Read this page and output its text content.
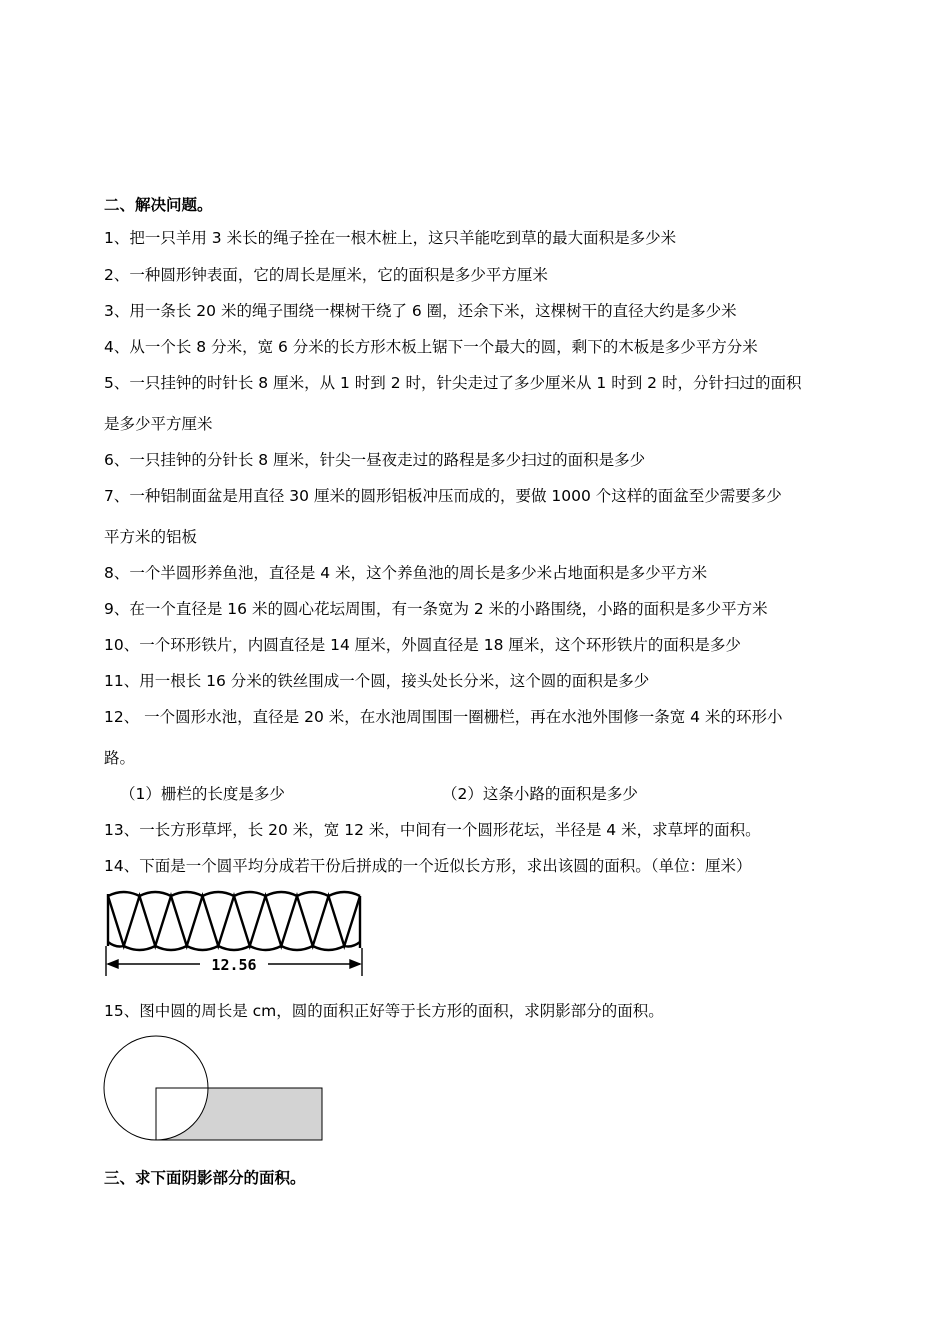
二、解决问题。
1、把一只羊用 3 米长的绳子拴在一根木桩上，这只羊能吃到草的最大面积是多少米
2、一种圆形钟表面，它的周长是厘米，它的面积是多少平方厘米
3、用一条长 20 米的绳子围绕一棵树干绕了 6 圈，还余下米，这棵树干的直径大约是多少米
4、从一个长 8 分米，宽 6 分米的长方形木板上锯下一个最大的圆，剩下的木板是多少平方分米
5、一只挂钟的时针长 8 厘米，从 1 时到 2 时，针尖走过了多少厘米从 1 时到 2 时，分针扫过的面积
是多少平方厘米
6、一只挂钟的分针长 8 厘米，针尖一昼夜走过的路程是多少扫过的面积是多少
7、一种铝制面盆是用直径 30 厘米的圆形铝板冲压而成的，要做 1000 个这样的面盆至少需要多少
平方米的铝板
8、一个半圆形养鱼池，直径是 4 米，这个养鱼池的周长是多少米占地面积是多少平方米
9、在一个直径是 16 米的圆心花坛周围，有一条宽为 2 米的小路围绕，小路的面积是多少平方米
10、一个环形铁片，内圆直径是 14 厘米，外圆直径是 18 厘米，这个环形铁片的面积是多少
11、用一根长 16 分米的铁丝围成一个圆，接头处长分米，这个圆的面积是多少
12、 一个圆形水池，直径是 20 米，在水池周围围一圈栅栏，再在水池外围修一条宽 4 米的环形小
路。
（1）栅栏的长度是多少	（2）这条小路的面积是多少
13、一长方形草坪，长 20 米，宽 12 米，中间有一个圆形花坛，半径是 4 米，求草坪的面积。
14、下面是一个圆平均分成若干份后拼成的一个近似长方形，求出该圆的面积。（单位：厘米）
12.56
15、图中圆的周长是 cm，圆的面积正好等于长方形的面积，求阴影部分的面积。
三、求下面阴影部分的面积。
